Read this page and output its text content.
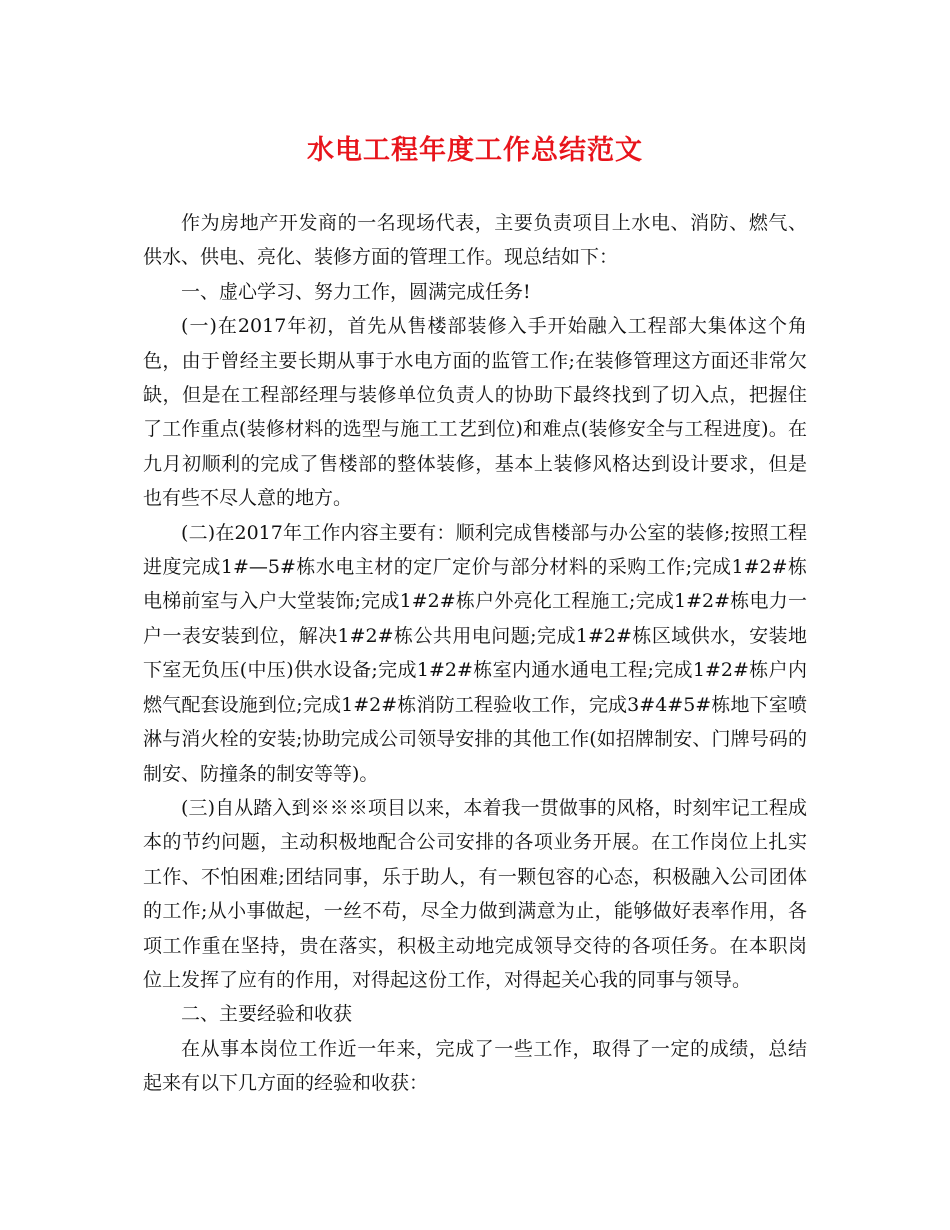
水电工程年度工作总结范文

作为房地产开发商的一名现场代表，主要负责项目上水电、消防、燃气、供水、供电、亮化、装修方面的管理工作。现总结如下：

一、虚心学习、努力工作，圆满完成任务!

(一)在2017年初，首先从售楼部装修入手开始融入工程部大集体这个角色，由于曾经主要长期从事于水电方面的监管工作;在装修管理这方面还非常欠缺，但是在工程部经理与装修单位负责人的协助下最终找到了切入点，把握住了工作重点(装修材料的选型与施工工艺到位)和难点(装修安全与工程进度)。在九月初顺利的完成了售楼部的整体装修，基本上装修风格达到设计要求，但是也有些不尽人意的地方。

(二)在2017年工作内容主要有：顺利完成售楼部与办公室的装修;按照工程进度完成1#—5#栋水电主材的定厂定价与部分材料的采购工作;完成1#2#栋电梯前室与入户大堂装饰;完成1#2#栋户外亮化工程施工;完成1#2#栋电力一户一表安装到位，解决1#2#栋公共用电问题;完成1#2#栋区域供水，安装地下室无负压(中压)供水设备;完成1#2#栋室内通水通电工程;完成1#2#栋户内燃气配套设施到位;完成1#2#栋消防工程验收工作，完成3#4#5#栋地下室喷淋与消火栓的安装;协助完成公司领导安排的其他工作(如招牌制安、门牌号码的制安、防撞条的制安等等)。

(三)自从踏入到※※※项目以来，本着我一贯做事的风格，时刻牢记工程成本的节约问题，主动积极地配合公司安排的各项业务开展。在工作岗位上扎实工作、不怕困难;团结同事，乐于助人，有一颗包容的心态，积极融入公司团体的工作;从小事做起，一丝不苟，尽全力做到满意为止，能够做好表率作用，各项工作重在坚持，贵在落实，积极主动地完成领导交待的各项任务。在本职岗位上发挥了应有的作用，对得起这份工作，对得起关心我的同事与领导。

二、主要经验和收获

在从事本岗位工作近一年来，完成了一些工作，取得了一定的成绩，总结起来有以下几方面的经验和收获：
